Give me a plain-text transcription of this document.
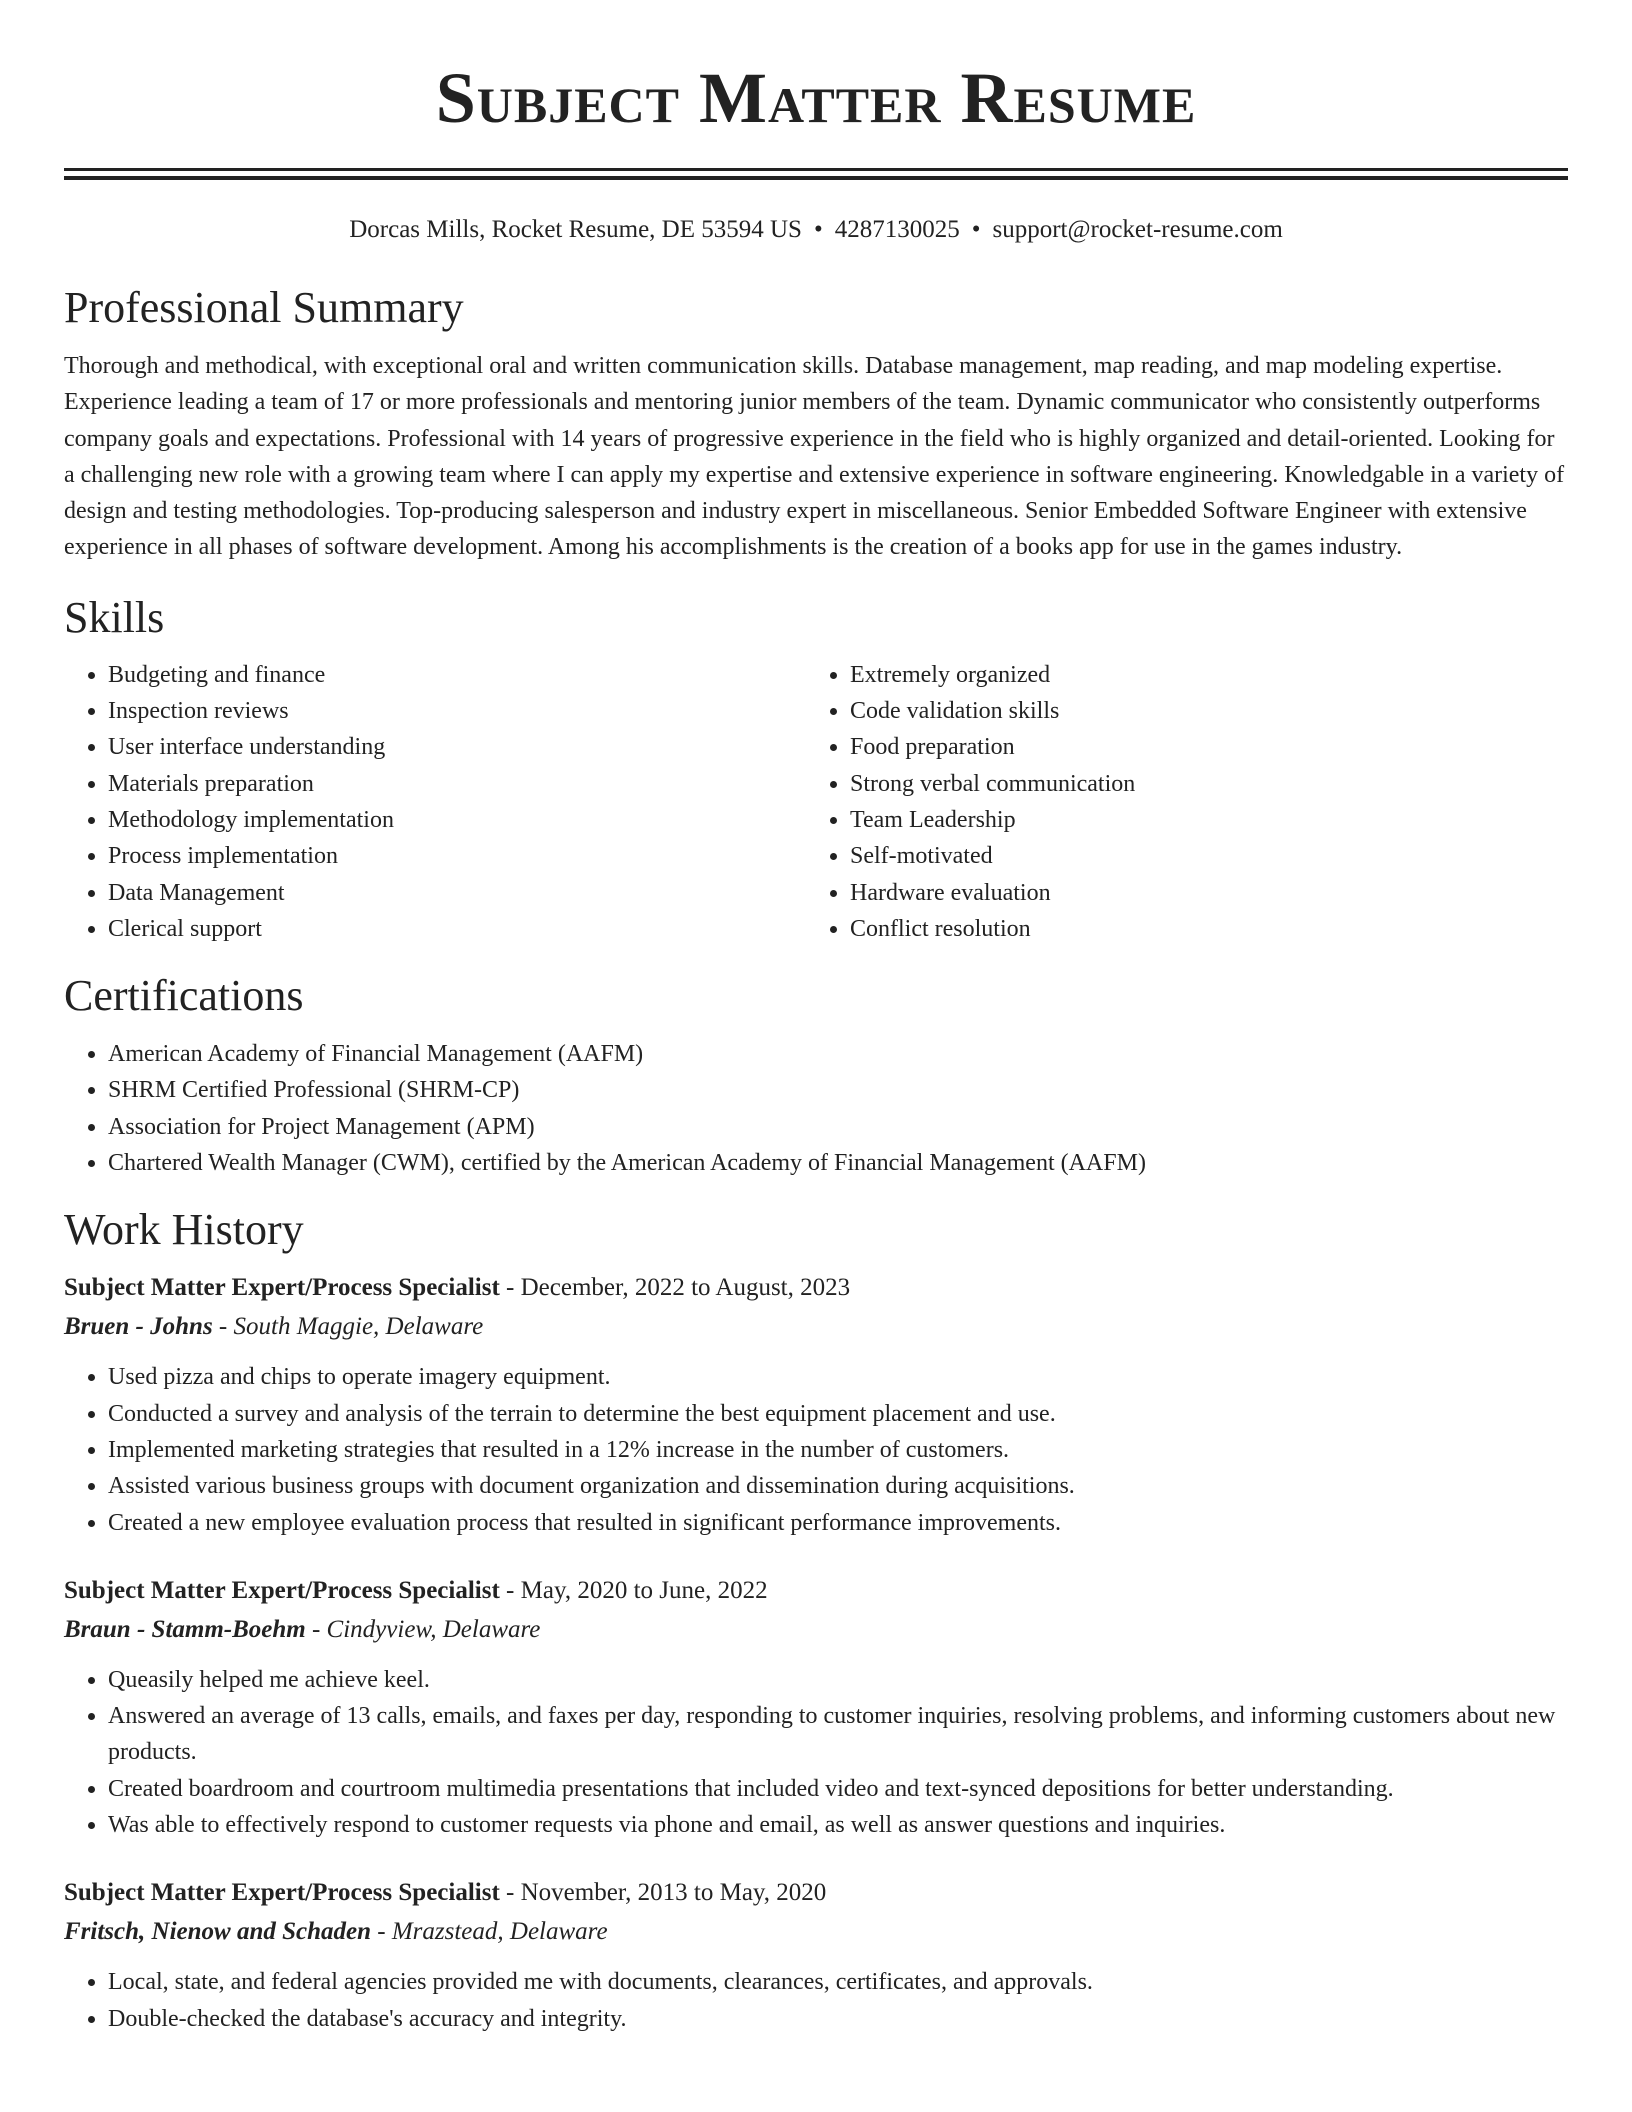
Subject Matter Resume
Dorcas Mills, Rocket Resume, DE 53594 US • 4287130025 • support@rocket-resume.com
Professional Summary

Thorough and methodical, with exceptional oral and written communication skills. Database management, map reading, and map modeling expertise. Experience leading a team of 17 or more professionals and mentoring junior members of the team. Dynamic communicator who consistently outperforms company goals and expectations. Professional with 14 years of progressive experience in the field who is highly organized and detail-oriented. Looking for a challenging new role with a growing team where I can apply my expertise and extensive experience in software engineering. Knowledgable in a variety of design and testing methodologies. Top-producing salesperson and industry expert in miscellaneous. Senior Embedded Software Engineer with extensive experience in all phases of software development. Among his accomplishments is the creation of a books app for use in the games industry.

Skills
• Budgeting and finance
• Inspection reviews
• User interface understanding
• Materials preparation
• Methodology implementation
• Process implementation
• Data Management
• Clerical support
• Extremely organized
• Code validation skills
• Food preparation
• Strong verbal communication
• Team Leadership
• Self-motivated
• Hardware evaluation
• Conflict resolution
Certifications
• American Academy of Financial Management (AAFM)
• SHRM Certified Professional (SHRM-CP)
• Association for Project Management (APM)
• Chartered Wealth Manager (CWM), certified by the American Academy of Financial Management (AAFM)
Work History

Subject Matter Expert/Process Specialist - December, 2022 to August, 2023

Bruen - Johns - South Maggie, Delaware

• Used pizza and chips to operate imagery equipment.
• Conducted a survey and analysis of the terrain to determine the best equipment placement and use.
• Implemented marketing strategies that resulted in a 12% increase in the number of customers.
• Assisted various business groups with document organization and dissemination during acquisitions.
• Created a new employee evaluation process that resulted in significant performance improvements.

Subject Matter Expert/Process Specialist - May, 2020 to June, 2022

Braun - Stamm-Boehm - Cindyview, Delaware

• Queasily helped me achieve keel.
• Answered an average of 13 calls, emails, and faxes per day, responding to customer inquiries, resolving problems, and informing customers about new products.
• Created boardroom and courtroom multimedia presentations that included video and text-synced depositions for better understanding.
• Was able to effectively respond to customer requests via phone and email, as well as answer questions and inquiries.

Subject Matter Expert/Process Specialist - November, 2013 to May, 2020

Fritsch, Nienow and Schaden - Mrazstead, Delaware

• Local, state, and federal agencies provided me with documents, clearances, certificates, and approvals.
• Double-checked the database's accuracy and integrity.
